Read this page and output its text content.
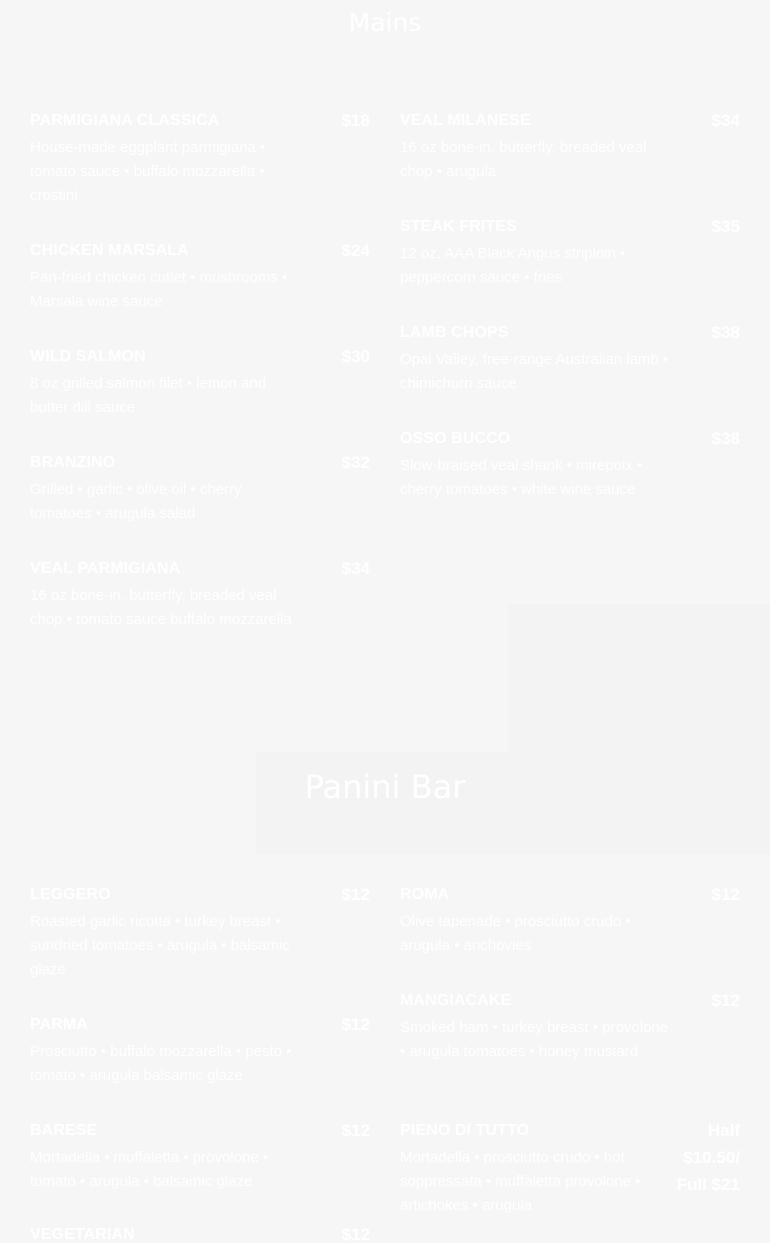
Mains
PARMIGIANA CLASSICA	$18
House-made eggplant parmigiana • tomato sauce • buffalo mozzarella • crostini
CHICKEN MARSALA	$24
Pan-fried chicken cutlet • mushrooms • Marsala wine sauce
WILD SALMON	$30
8 oz grilled salmon filet • lemon and butter dill sauce
BRANZINO	$32
Grilled • garlic • olive oil • cherry tomatoes • arugula salad
VEAL PARMIGIANA	$34
16 oz bone-in, butterfly, breaded veal chop • tomato sauce buffalo mozzarella
VEAL MILANESE	$34
16 oz bone-in, butterfly, breaded veal chop • arugula
STEAK FRITES	$35
12 oz, AAA Black Angus striploin • peppercorn sauce • fries
LAMB CHOPS	$38
Opal Valley, free-range Australian lamb • chimichurri sauce
OSSO BUCCO	$38
Slow-braised veal shank • mirepoix • cherry tomatoes • white wine sauce
Panini Bar
LEGGERO	$12
Roasted garlic ricotta • turkey breast • sundried tomatoes • arugula • balsamic glaze
PARMA	$12
Prosciutto • buffalo mozzarella • pesto • tomato • arugula balsamic glaze
BARESE	$12
Mortadella • muffaletta • provolone • tomato • arugula • balsamic glaze
VEGETARIAN	$12
ROMA	$12
Olive tapenade • prosciutto crudo • arugula • anchovies
MANGIACAKE	$12
Smoked ham • turkey breast • provolone • arugula tomatoes • honey mustard
PIENO DI TUTTO	Half $10.50/ Full $21
Mortadella • prosciutto crudo • hot soppressata • muffaletta provolone • artichokes • arugula
